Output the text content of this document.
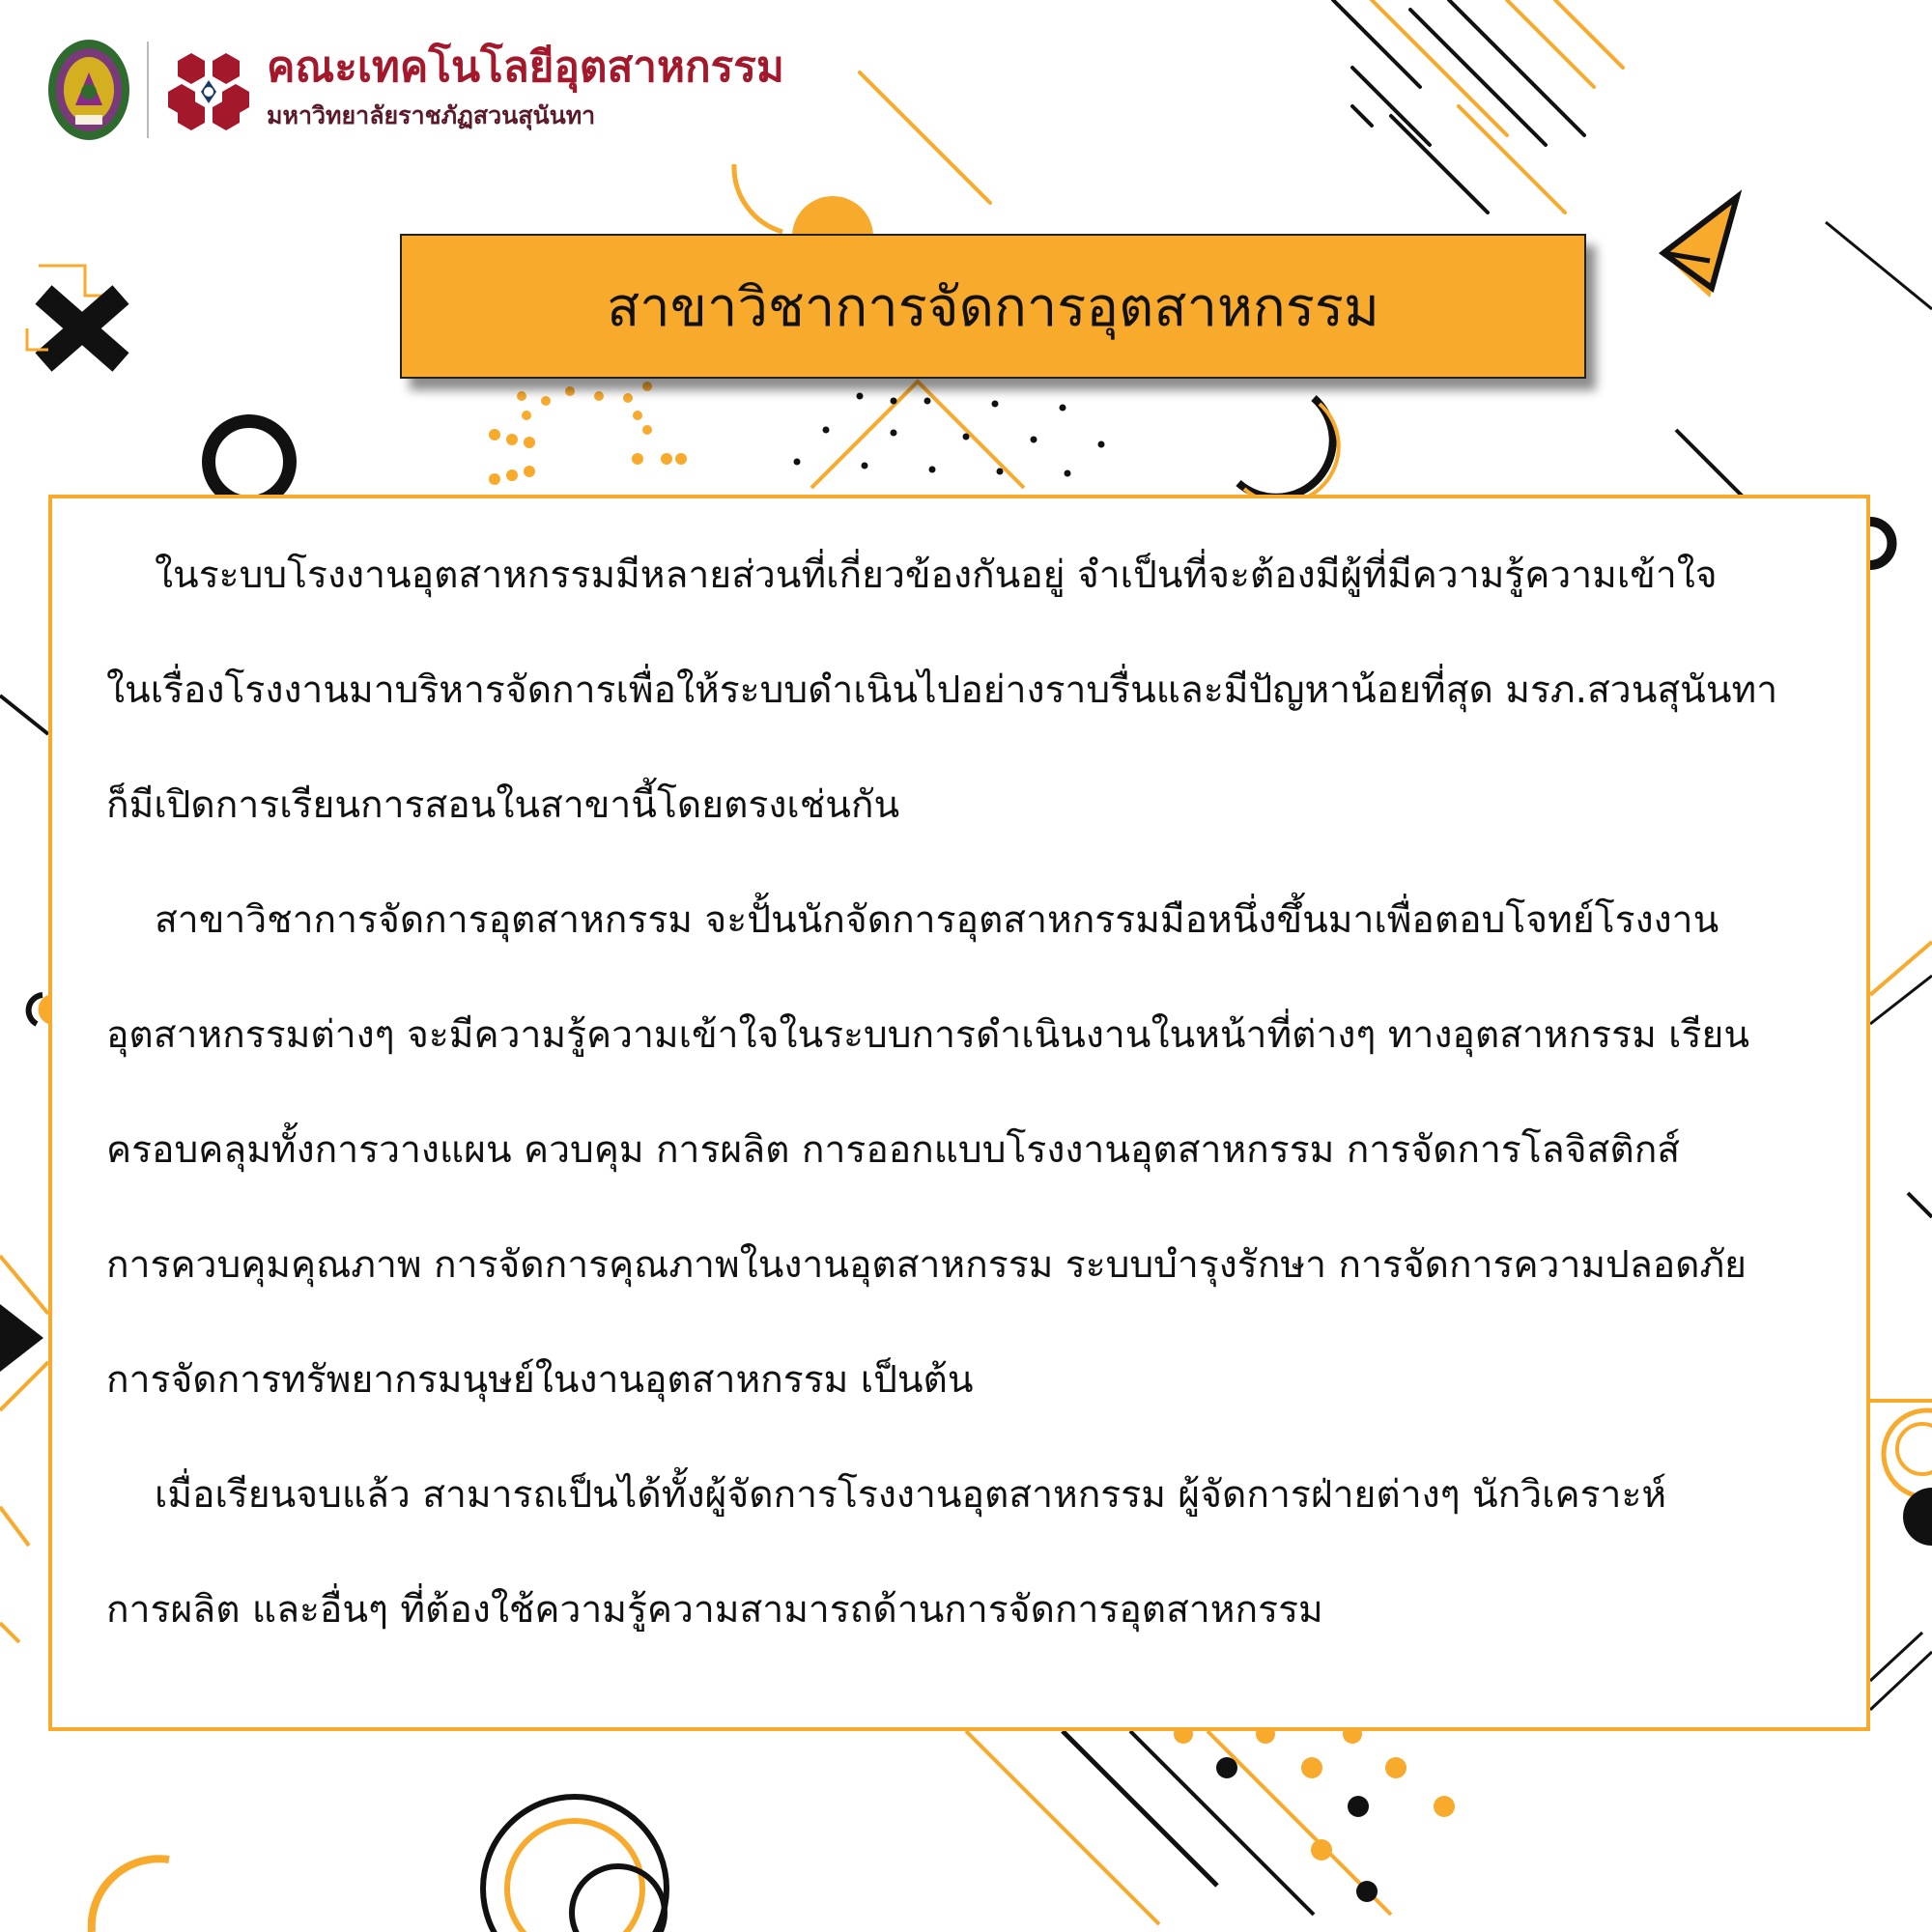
คณะเทคโนโลยีอุตสาหกรรม
มหาวิทยาลัยราชภัฏสวนสุนันทา
สาขาวิชาการจัดการอุตสาหกรรม

ในระบบโรงงานอุตสาหกรรมมีหลายส่วนที่เกี่ยวข้องกันอยู่ จำเป็นที่จะต้องมีผู้ที่มีความรู้ความเข้าใจ

ในเรื่องโรงงานมาบริหารจัดการเพื่อให้ระบบดำเนินไปอย่างราบรื่นและมีปัญหาน้อยที่สุด มรภ.สวนสุนันทา

ก็มีเปิดการเรียนการสอนในสาขานี้โดยตรงเช่นกัน

สาขาวิชาการจัดการอุตสาหกรรม จะปั้นนักจัดการอุตสาหกรรมมือหนึ่งขึ้นมาเพื่อตอบโจทย์โรงงาน

อุตสาหกรรมต่างๆ จะมีความรู้ความเข้าใจในระบบการดำเนินงานในหน้าที่ต่างๆ ทางอุตสาหกรรม เรียน

ครอบคลุมทั้งการวางแผน ควบคุม การผลิต การออกแบบโรงงานอุตสาหกรรม การจัดการโลจิสติกส์

การควบคุมคุณภาพ การจัดการคุณภาพในงานอุตสาหกรรม ระบบบำรุงรักษา การจัดการความปลอดภัย

การจัดการทรัพยากรมนุษย์ในงานอุตสาหกรรม เป็นต้น

เมื่อเรียนจบแล้ว สามารถเป็นได้ทั้งผู้จัดการโรงงานอุตสาหกรรม ผู้จัดการฝ่ายต่างๆ นักวิเคราะห์

การผลิต และอื่นๆ ที่ต้องใช้ความรู้ความสามารถด้านการจัดการอุตสาหกรรม
